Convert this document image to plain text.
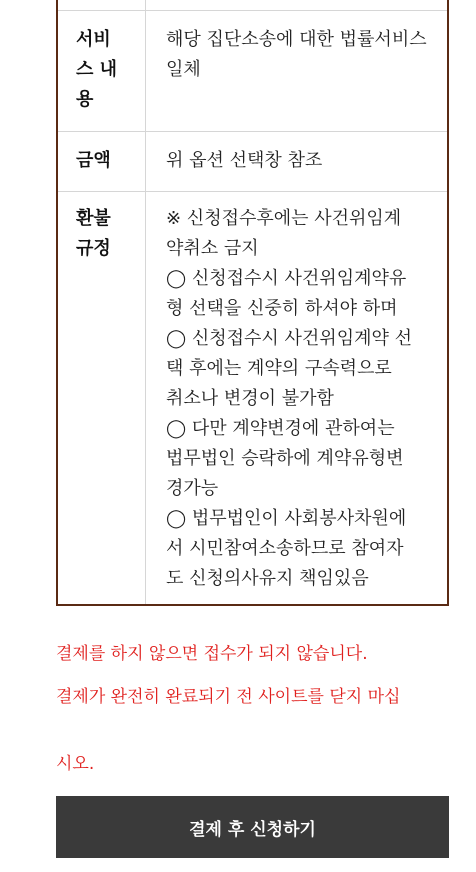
서비
스 내
용
해당 집단소송에 대한 법률서비스 일체
금액	위 옵션 선택창 참조
환불
규정
※ 신청접수후에는 사건위임계
약취소 금지
◯ 신청접수시 사건위임계약유
형 선택을 신중히 하셔야 하며
◯ 신청접수시 사건위임계약 선
택 후에는 계약의 구속력으로
취소나 변경이 불가함
◯ 다만 계약변경에 관하여는
법무법인 승락하에 계약유형변
경가능
◯ 법무법인이 사회봉사차원에
서 시민참여소송하므로 참여자
도 신청의사유지 책임있음

결제를 하지 않으면 접수가 되지 않습니다.

결제가 완전히 완료되기 전 사이트를 닫지 마십

시오.

결제 후 신청하기
